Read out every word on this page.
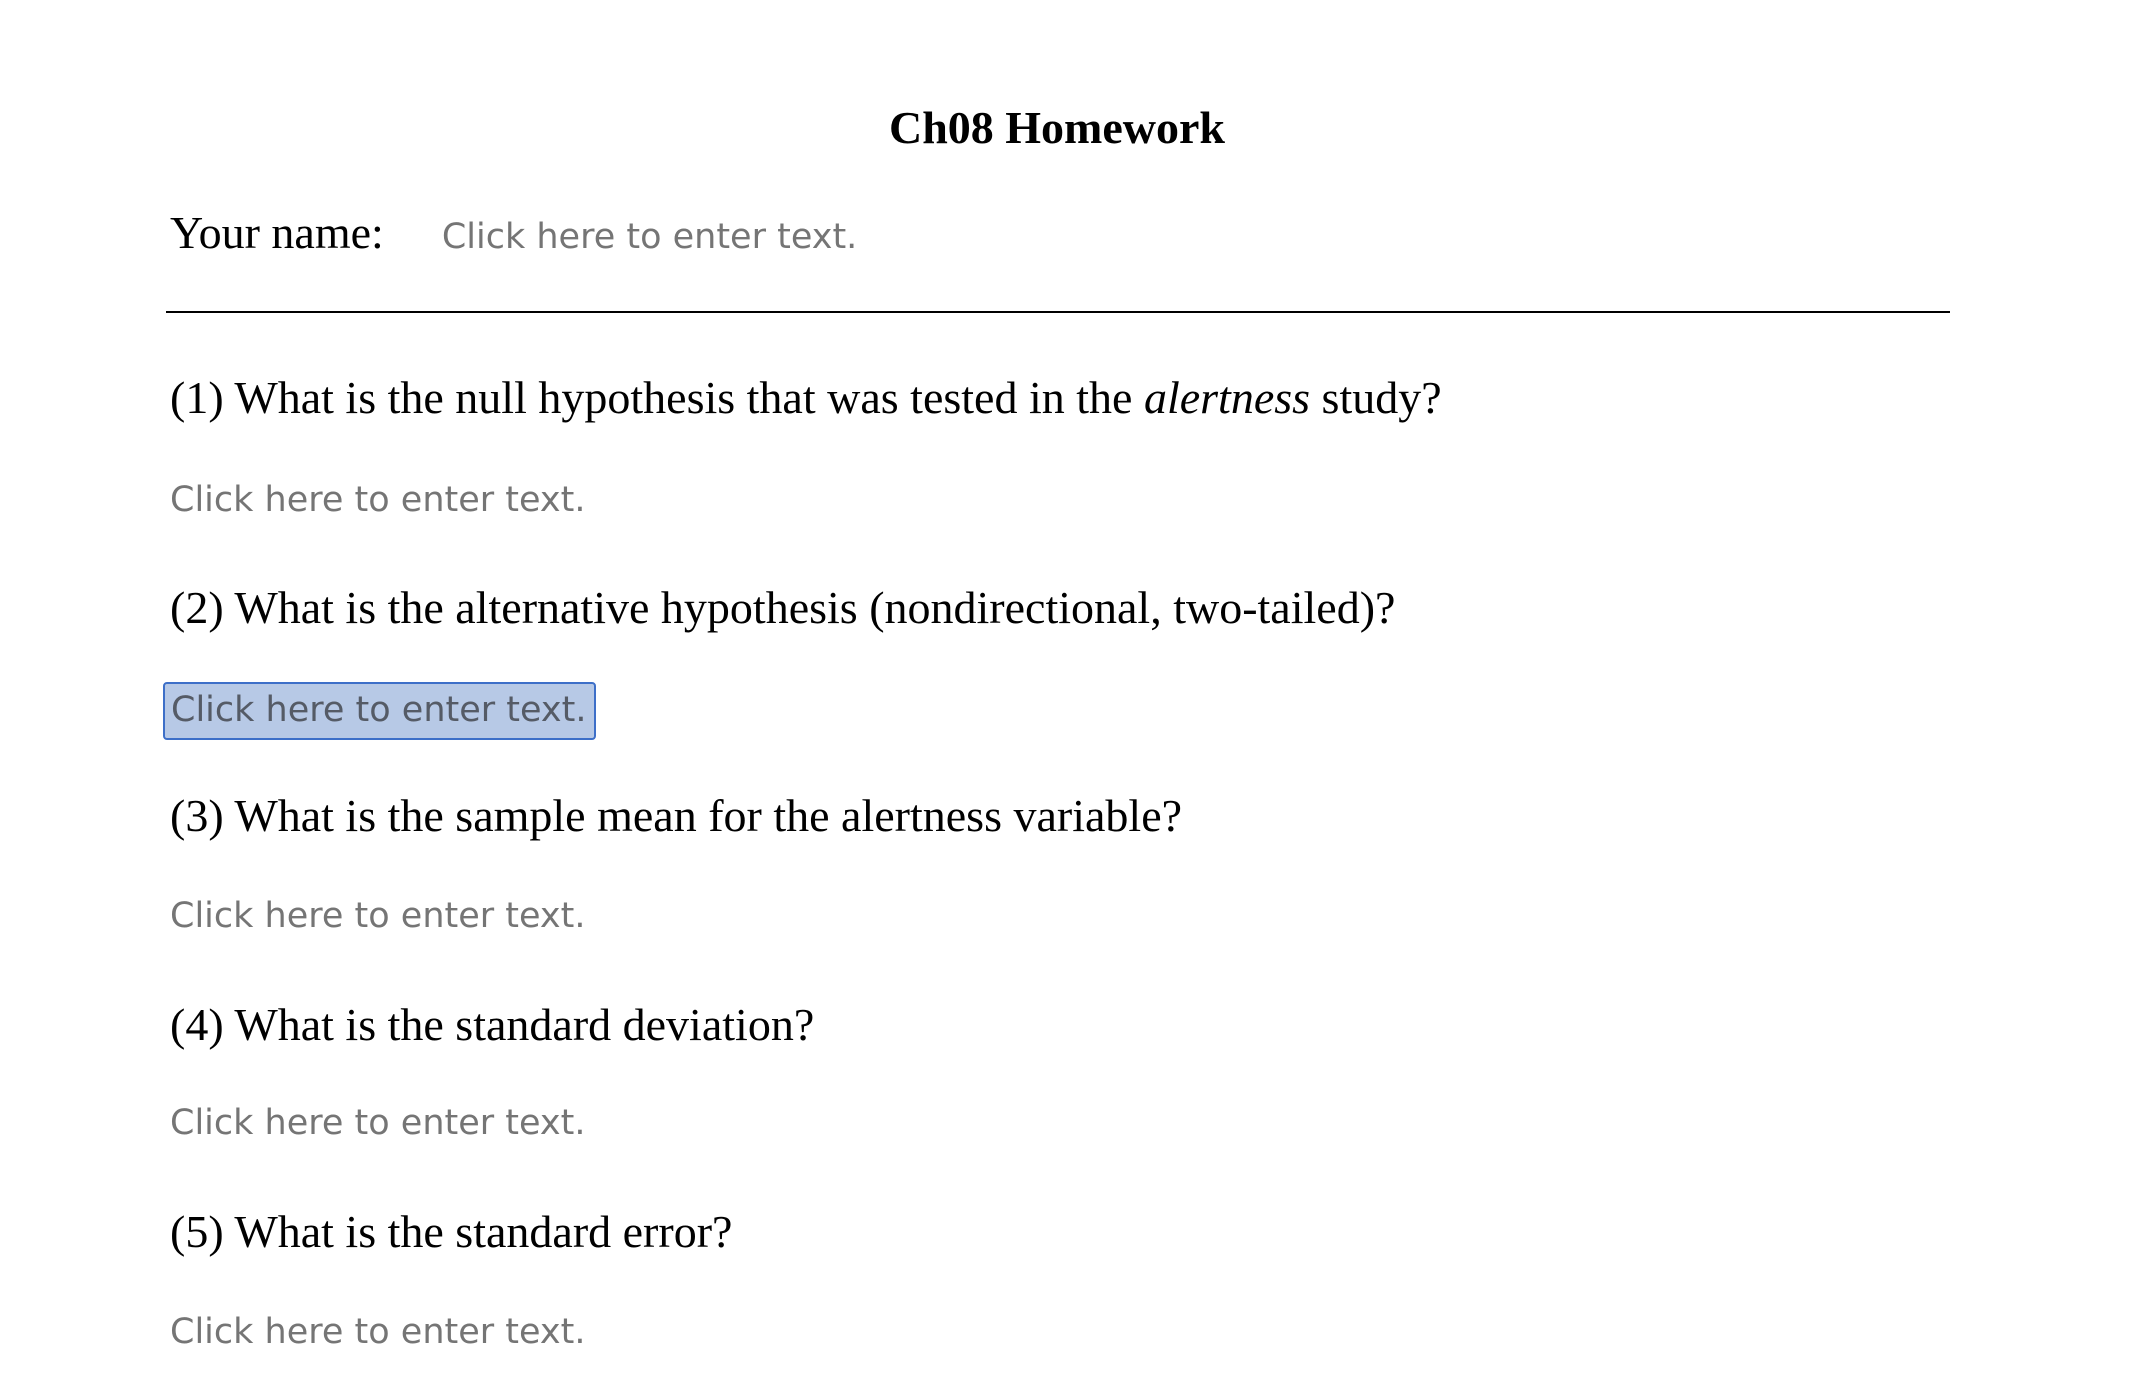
Ch08 Homework
Your name: Click here to enter text.

(1) What is the null hypothesis that was tested in the alertness study?

Click here to enter text.

(2) What is the alternative hypothesis (nondirectional, two-tailed)?

Click here to enter text.

(3) What is the sample mean for the alertness variable?

Click here to enter text.

(4) What is the standard deviation?

Click here to enter text.

(5) What is the standard error?

Click here to enter text.
